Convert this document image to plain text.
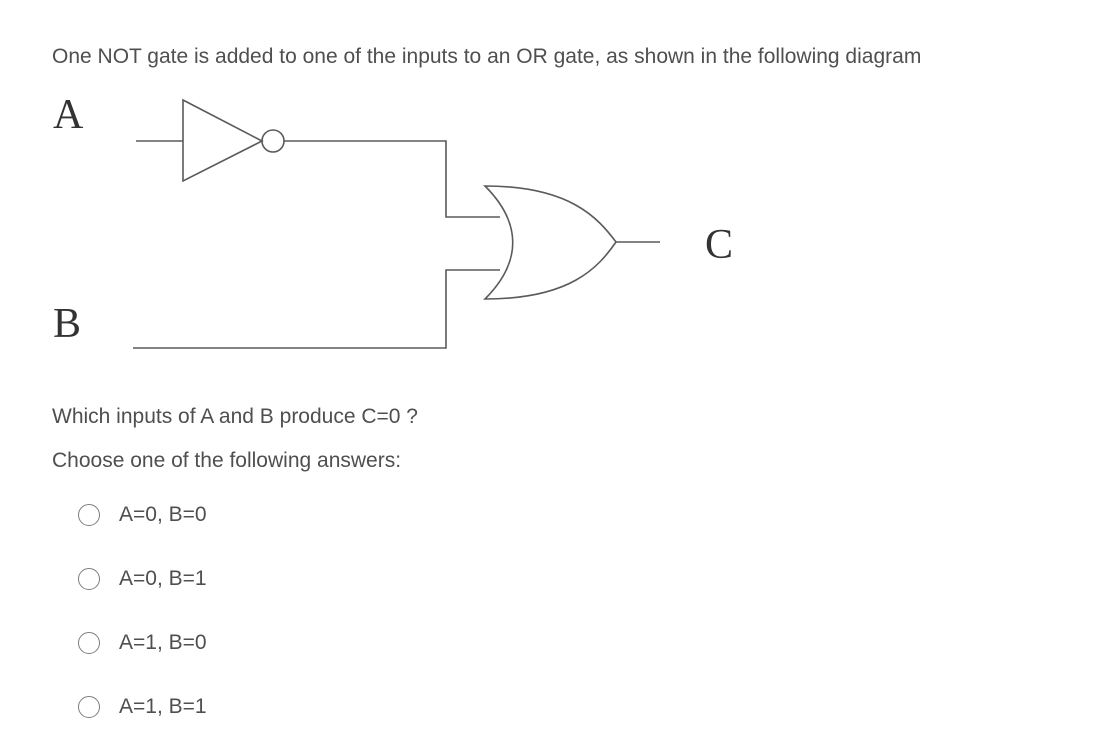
One NOT gate is added to one of the inputs to an OR gate, as shown in the following diagram
A
B
C
Which inputs of A and B produce C=0 ?
Choose one of the following answers:
A=0, B=0
A=0, B=1
A=1, B=0
A=1, B=1
